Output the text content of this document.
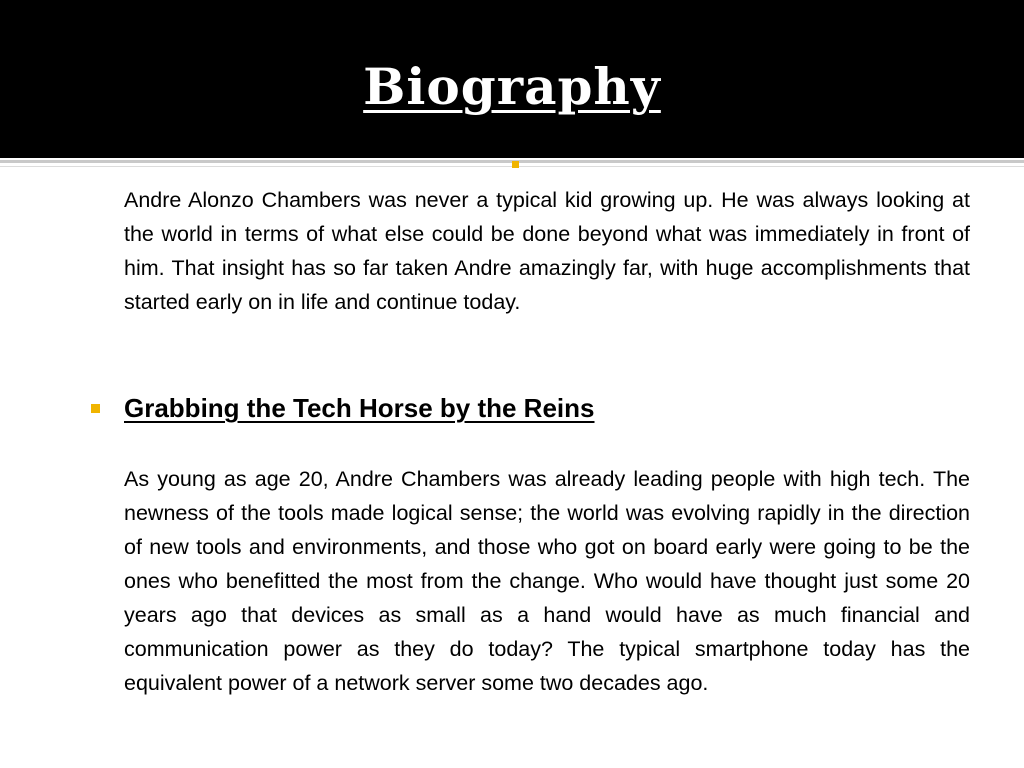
Biography

Andre Alonzo Chambers was never a typical kid growing up. He was always looking at the world in terms of what else could be done beyond what was immediately in front of him. That insight has so far taken Andre amazingly far, with huge accomplishments that started early on in life and continue today.

Grabbing the Tech Horse by the Reins

As young as age 20, Andre Chambers was already leading people with high tech. The newness of the tools made logical sense; the world was evolving rapidly in the direction of new tools and environments, and those who got on board early were going to be the ones who benefitted the most from the change. Who would have thought just some 20 years ago that devices as small as a hand would have as much financial and communication power as they do today? The typical smartphone today has the equivalent power of a network server some two decades ago.
